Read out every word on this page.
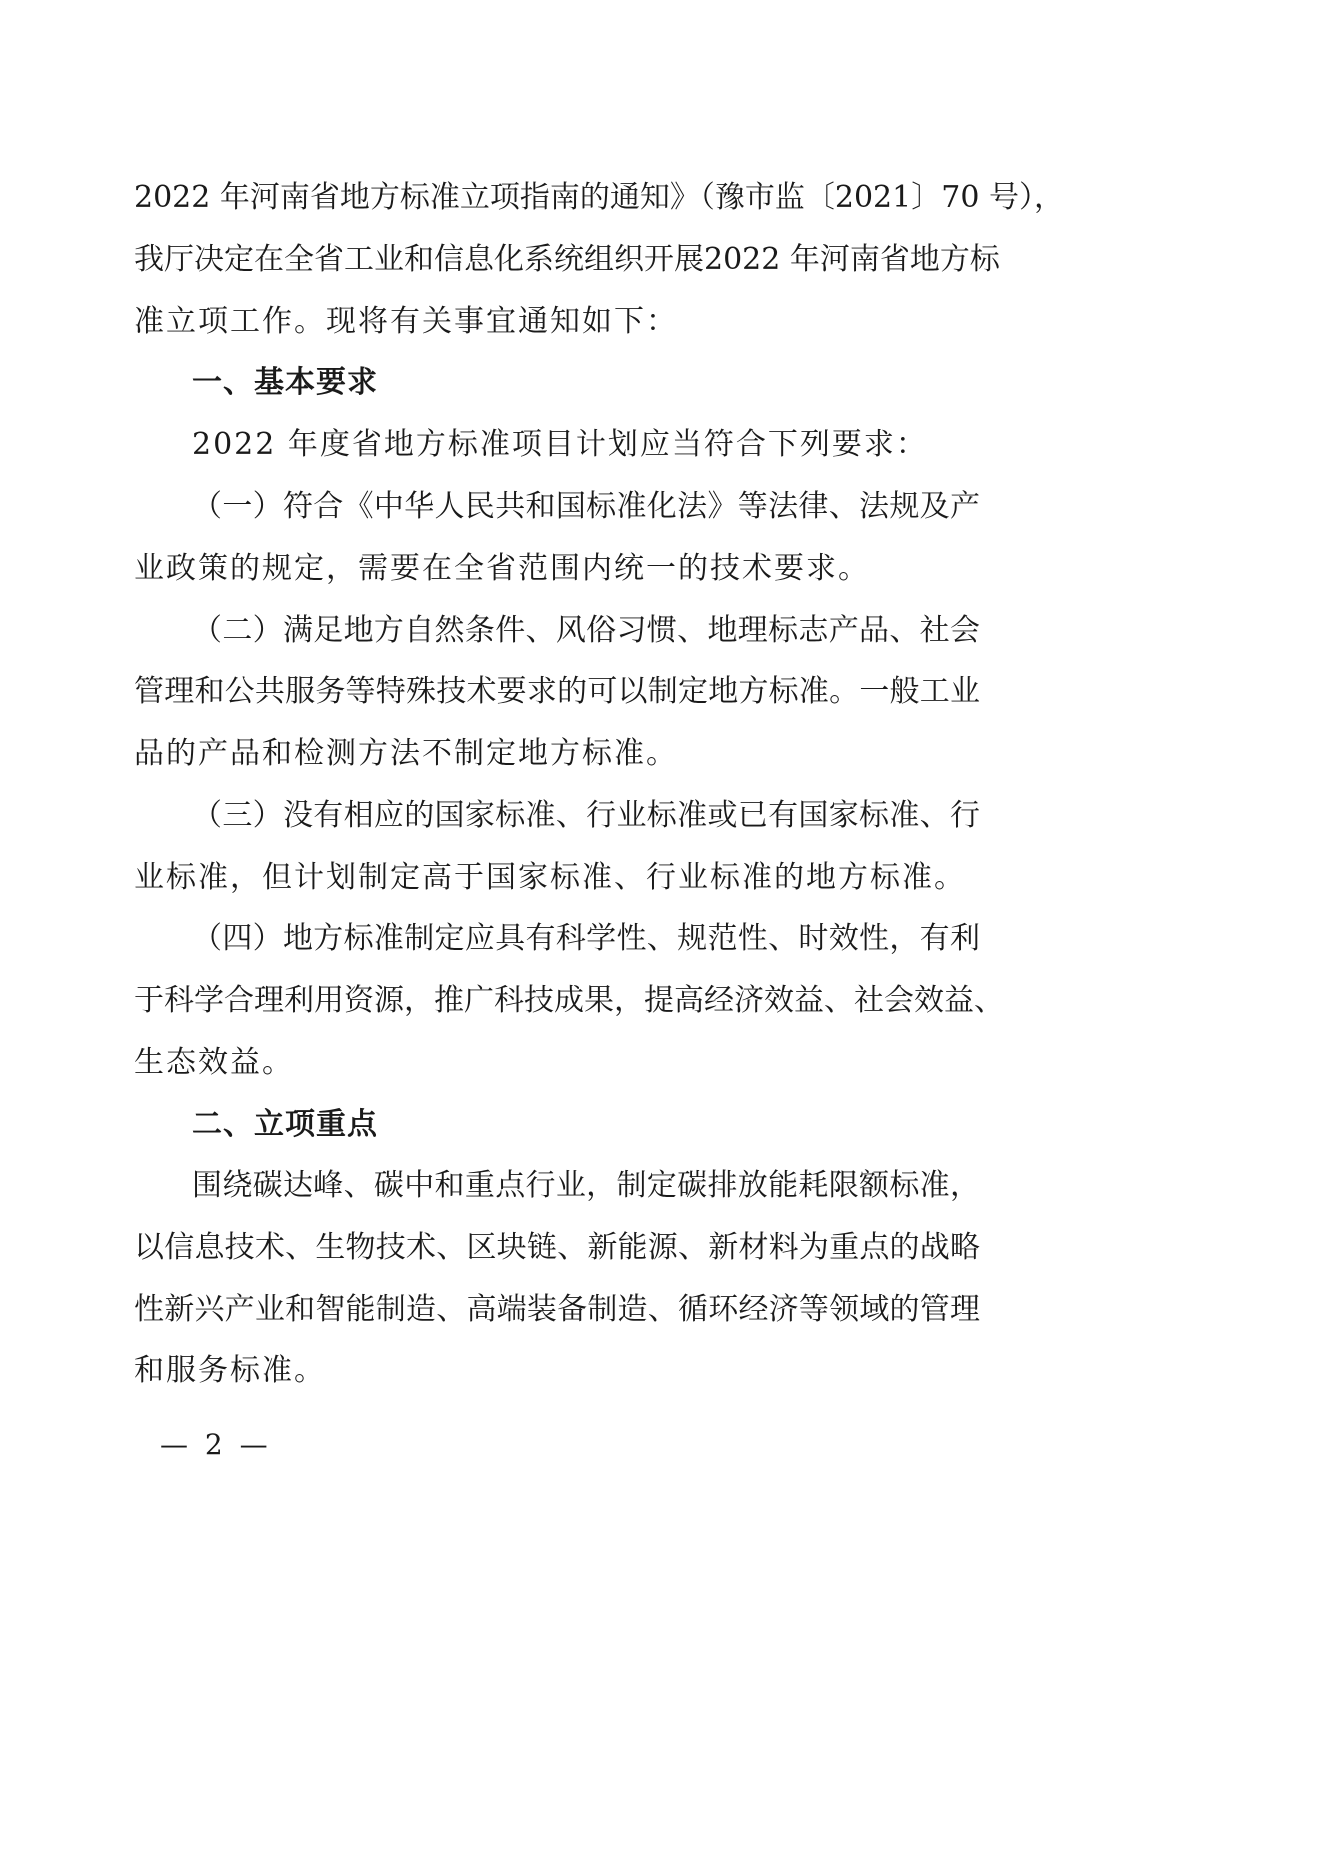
2022 年河南省地方标准立项指南的通知》（豫市监〔2021〕70 号），
我厅决定在全省工业和信息化系统组织开展2022 年河南省地方标
准立项工作。现将有关事宜通知如下：
一、基本要求
2022 年度省地方标准项目计划应当符合下列要求：
（一）符合《中华人民共和国标准化法》等法律、法规及产
业政策的规定，需要在全省范围内统一的技术要求。
（二）满足地方自然条件、风俗习惯、地理标志产品、社会
管理和公共服务等特殊技术要求的可以制定地方标准。一般工业
品的产品和检测方法不制定地方标准。
（三）没有相应的国家标准、行业标准或已有国家标准、行
业标准，但计划制定高于国家标准、行业标准的地方标准。
（四）地方标准制定应具有科学性、规范性、时效性，有利
于科学合理利用资源，推广科技成果，提高经济效益、社会效益、
生态效益。
二、立项重点
围绕碳达峰、碳中和重点行业，制定碳排放能耗限额标准，
以信息技术、生物技术、区块链、新能源、新材料为重点的战略
性新兴产业和智能制造、高端装备制造、循环经济等领域的管理
和服务标准。
— 2 —
